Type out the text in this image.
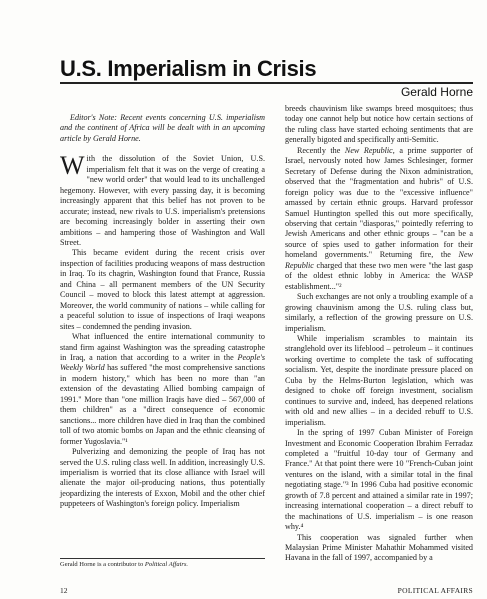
U.S. Imperialism in Crisis
Gerald Horne

Editor's Note: Recent events concerning U.S. imperialism and the continent of Africa will be dealt with in an upcoming article by Gerald Horne.

With the dissolution of the Soviet Union, U.S. imperialism felt that it was on the verge of creating a "new world order" that would lead to its unchallenged hegemony. However, with every passing day, it is becoming increasingly apparent that this belief has not proven to be accurate; instead, new rivals to U.S. imperialism's pretensions are becoming increasingly bolder in asserting their own ambitions – and hampering those of Washington and Wall Street.

This became evident during the recent crisis over inspection of facilities producing weapons of mass destruction in Iraq. To its chagrin, Washington found that France, Russia and China – all permanent members of the UN Security Council – moved to block this latest attempt at aggression. Moreover, the world community of nations – while calling for a peaceful solution to issue of inspections of Iraqi weapons sites – condemned the pending invasion.

What influenced the entire international community to stand firm against Washington was the spreading catastrophe in Iraq, a nation that according to a writer in the People's Weekly World has suffered "the most comprehensive sanctions in modern history," which has been no more than "an extension of the devastating Allied bombing campaign of 1991." More than "one million Iraqis have died – 567,000 of them children" as a "direct consequence of economic sanctions... more children have died in Iraq than the combined toll of two atomic bombs on Japan and the ethnic cleansing of former Yugoslavia."¹

Pulverizing and demonizing the people of Iraq has not served the U.S. ruling class well. In addition, increasingly U.S. imperialism is worried that its close alliance with Israel will alienate the major oil-producing nations, thus potentially jeopardizing the interests of Exxon, Mobil and the other chief puppeteers of Washington's foreign policy. Imperialism

breeds chauvinism like swamps breed mosquitoes; thus today one cannot help but notice how certain sections of the ruling class have started echoing sentiments that are generally bigoted and specifically anti-Semitic.

Recently the New Republic, a prime supporter of Israel, nervously noted how James Schlesinger, former Secretary of Defense during the Nixon administration, observed that the "fragmentation and hubris" of U.S. foreign policy was due to the "excessive influence" amassed by certain ethnic groups. Harvard professor Samuel Huntington spelled this out more specifically, observing that certain "diasporas," pointedly referring to Jewish Americans and other ethnic groups – "can be a source of spies used to gather information for their homeland governments." Returning fire, the New Republic charged that these two men were "the last gasp of the oldest ethnic lobby in America: the WASP establishment..."²

Such exchanges are not only a troubling example of a growing chauvinism among the U.S. ruling class but, similarly, a reflection of the growing pressure on U.S. imperialism.

While imperialism scrambles to maintain its stranglehold over its lifeblood – petroleum – it continues working overtime to complete the task of suffocating socialism. Yet, despite the inordinate pressure placed on Cuba by the Helms-Burton legislation, which was designed to choke off foreign investment, socialism continues to survive and, indeed, has deepened relations with old and new allies – in a decided rebuff to U.S. imperialism.

In the spring of 1997 Cuban Minister of Foreign Investment and Economic Cooperation Ibrahim Ferradaz completed a "fruitful 10-day tour of Germany and France." At that point there were 10 "French-Cuban joint ventures on the island, with a similar total in the final negotiating stage."³ In 1996 Cuba had positive economic growth of 7.8 percent and attained a similar rate in 1997; increasing international cooperation – a direct rebuff to the machinations of U.S. imperialism – is one reason why.⁴

This cooperation was signaled further when Malaysian Prime Minister Mahathir Mohammed visited Havana in the fall of 1997, accompanied by a

Gerald Horne is a contributor to Political Affairs.
12	POLITICAL AFFAIRS
